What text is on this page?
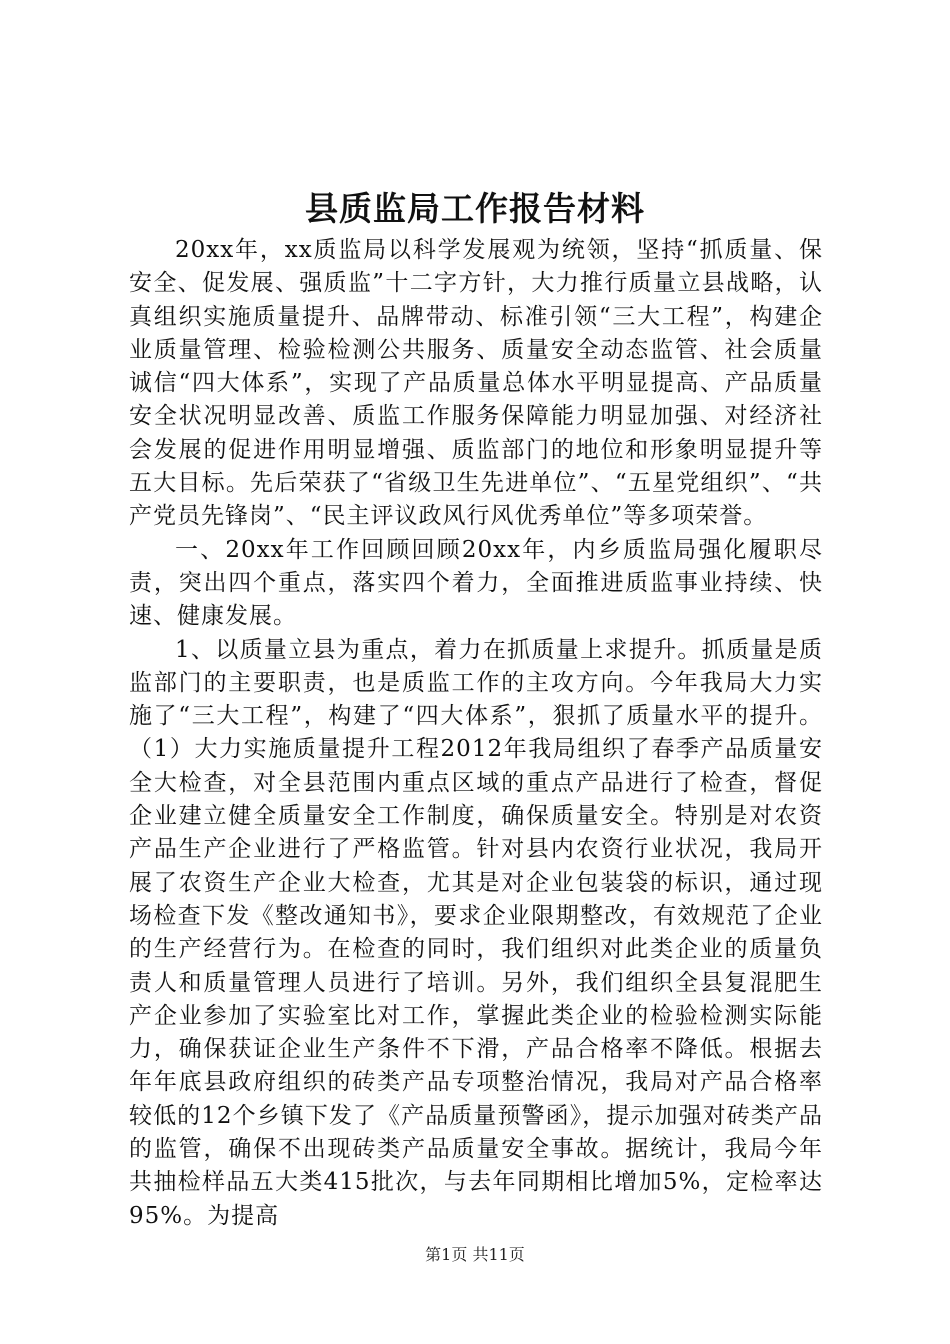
县质监局工作报告材料

20xx年，xx质监局以科学发展观为统领，坚持“抓质量、保安全、促发展、强质监”十二字方针，大力推行质量立县战略，认真组织实施质量提升、品牌带动、标准引领“三大工程”，构建企业质量管理、检验检测公共服务、质量安全动态监管、社会质量诚信“四大体系”，实现了产品质量总体水平明显提高、产品质量安全状况明显改善、质监工作服务保障能力明显加强、对经济社会发展的促进作用明显增强、质监部门的地位和形象明显提升等五大目标。先后荣获了“省级卫生先进单位”、“五星党组织”、“共产党员先锋岗”、“民主评议政风行风优秀单位”等多项荣誉。

一、20xx年工作回顾回顾20xx年，内乡质监局强化履职尽责，突出四个重点，落实四个着力，全面推进质监事业持续、快速、健康发展。

1、以质量立县为重点，着力在抓质量上求提升。抓质量是质监部门的主要职责，也是质监工作的主攻方向。今年我局大力实施了“三大工程”，构建了“四大体系”，狠抓了质量水平的提升。（1）大力实施质量提升工程2012年我局组织了春季产品质量安全大检查，对全县范围内重点区域的重点产品进行了检查，督促企业建立健全质量安全工作制度，确保质量安全。特别是对农资产品生产企业进行了严格监管。针对县内农资行业状况，我局开展了农资生产企业大检查，尤其是对企业包装袋的标识，通过现场检查下发《整改通知书》，要求企业限期整改，有效规范了企业的生产经营行为。在检查的同时，我们组织对此类企业的质量负责人和质量管理人员进行了培训。另外，我们组织全县复混肥生产企业参加了实验室比对工作，掌握此类企业的检验检测实际能力，确保获证企业生产条件不下滑，产品合格率不降低。根据去年年底县政府组织的砖类产品专项整治情况，我局对产品合格率较低的12个乡镇下发了《产品质量预警函》，提示加强对砖类产品的监管，确保不出现砖类产品质量安全事故。据统计，我局今年共抽检样品五大类415批次，与去年同期相比增加5%，定检率达95%。为提高

第1页 共11页
